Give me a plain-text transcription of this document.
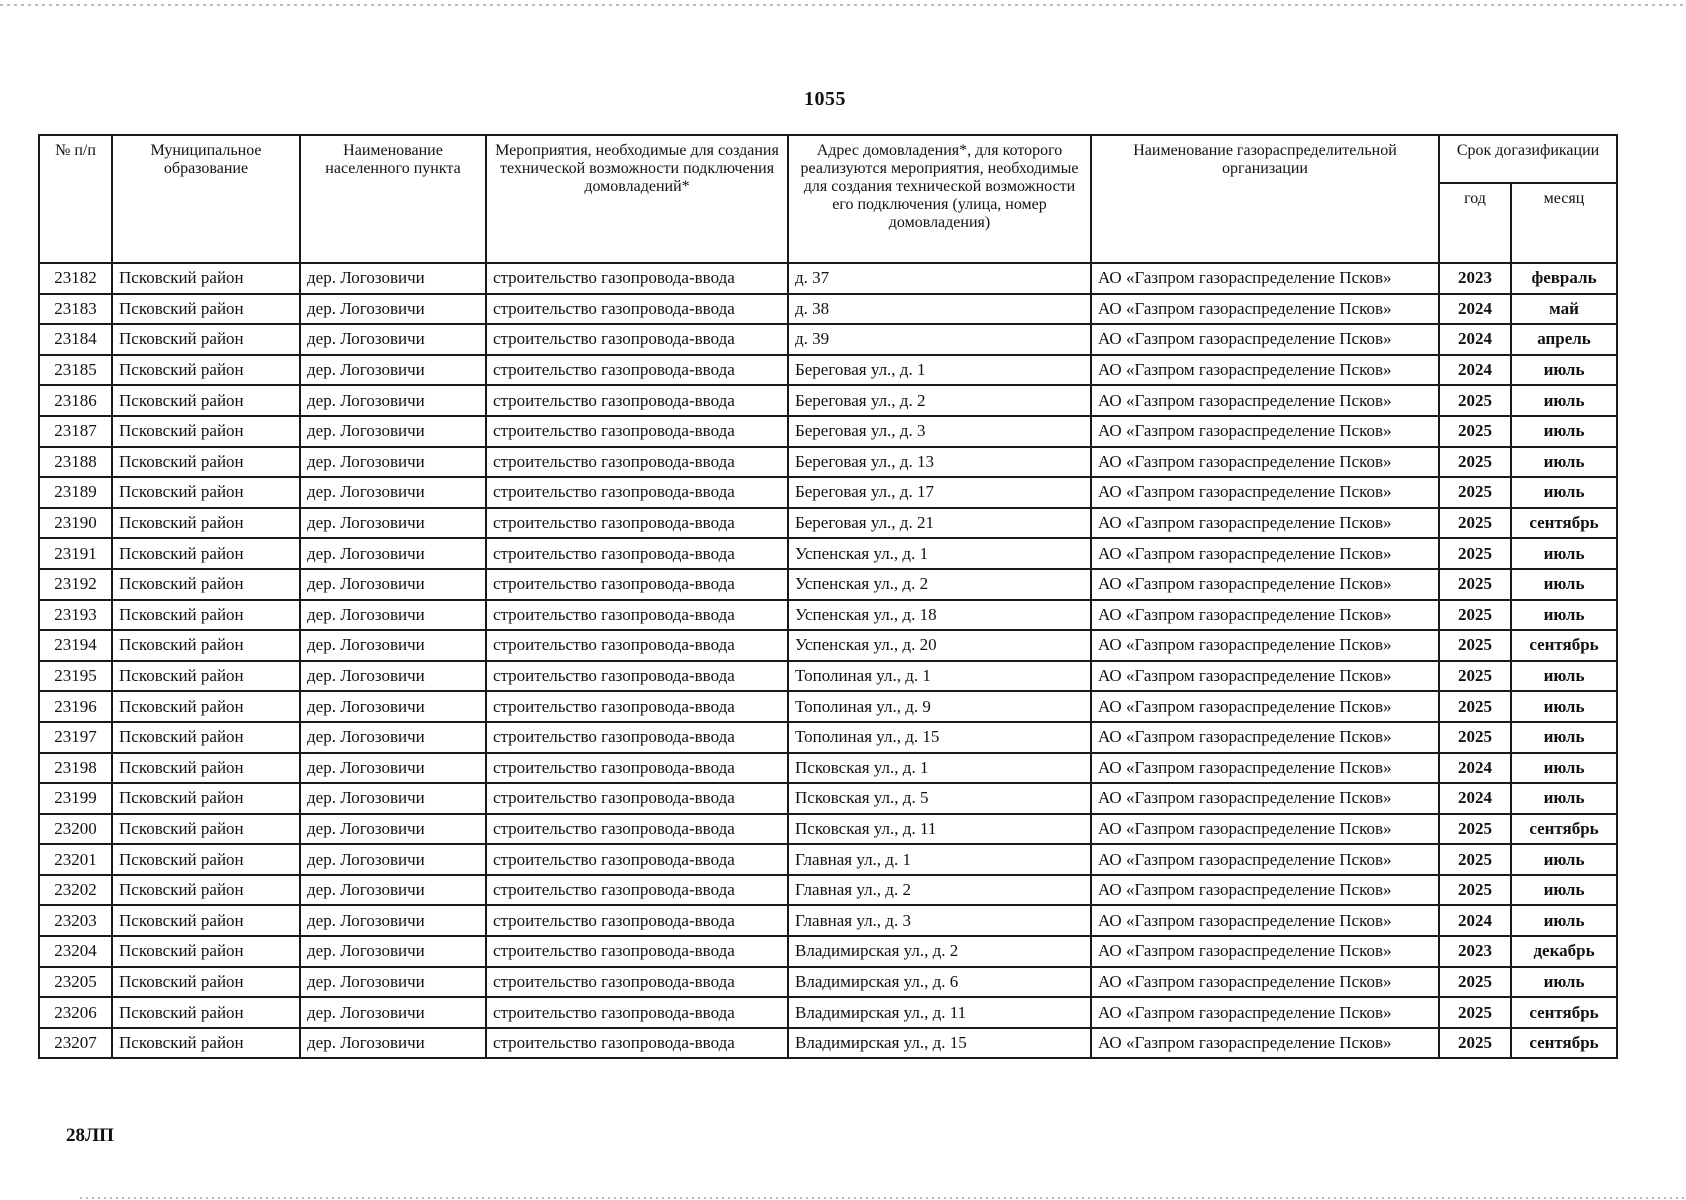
1055
№ п/п	Муниципальное образование	Наименование населенного пункта	Мероприятия, необходимые для создания технической возможности подключения домовладений*	Адрес домовладения*, для которого реализуются мероприятия, необходимые для создания технической возможности его подключения (улица, номер домовладения)	Наименование газораспределительной организации	Срок догазификации	
						год	месяц
23182	Псковский район	дер. Логозовичи	строительство газопровода-ввода	д. 37	АО «Газпром газораспределение Псков»	2023	февраль
23183	Псковский район	дер. Логозовичи	строительство газопровода-ввода	д. 38	АО «Газпром газораспределение Псков»	2024	май
23184	Псковский район	дер. Логозовичи	строительство газопровода-ввода	д. 39	АО «Газпром газораспределение Псков»	2024	апрель
23185	Псковский район	дер. Логозовичи	строительство газопровода-ввода	Береговая ул., д. 1	АО «Газпром газораспределение Псков»	2024	июль
23186	Псковский район	дер. Логозовичи	строительство газопровода-ввода	Береговая ул., д. 2	АО «Газпром газораспределение Псков»	2025	июль
23187	Псковский район	дер. Логозовичи	строительство газопровода-ввода	Береговая ул., д. 3	АО «Газпром газораспределение Псков»	2025	июль
23188	Псковский район	дер. Логозовичи	строительство газопровода-ввода	Береговая ул., д. 13	АО «Газпром газораспределение Псков»	2025	июль
23189	Псковский район	дер. Логозовичи	строительство газопровода-ввода	Береговая ул., д. 17	АО «Газпром газораспределение Псков»	2025	июль
23190	Псковский район	дер. Логозовичи	строительство газопровода-ввода	Береговая ул., д. 21	АО «Газпром газораспределение Псков»	2025	сентябрь
23191	Псковский район	дер. Логозовичи	строительство газопровода-ввода	Успенская ул., д. 1	АО «Газпром газораспределение Псков»	2025	июль
23192	Псковский район	дер. Логозовичи	строительство газопровода-ввода	Успенская ул., д. 2	АО «Газпром газораспределение Псков»	2025	июль
23193	Псковский район	дер. Логозовичи	строительство газопровода-ввода	Успенская ул., д. 18	АО «Газпром газораспределение Псков»	2025	июль
23194	Псковский район	дер. Логозовичи	строительство газопровода-ввода	Успенская ул., д. 20	АО «Газпром газораспределение Псков»	2025	сентябрь
23195	Псковский район	дер. Логозовичи	строительство газопровода-ввода	Тополиная ул., д. 1	АО «Газпром газораспределение Псков»	2025	июль
23196	Псковский район	дер. Логозовичи	строительство газопровода-ввода	Тополиная ул., д. 9	АО «Газпром газораспределение Псков»	2025	июль
23197	Псковский район	дер. Логозовичи	строительство газопровода-ввода	Тополиная ул., д. 15	АО «Газпром газораспределение Псков»	2025	июль
23198	Псковский район	дер. Логозовичи	строительство газопровода-ввода	Псковская ул., д. 1	АО «Газпром газораспределение Псков»	2024	июль
23199	Псковский район	дер. Логозовичи	строительство газопровода-ввода	Псковская ул., д. 5	АО «Газпром газораспределение Псков»	2024	июль
23200	Псковский район	дер. Логозовичи	строительство газопровода-ввода	Псковская ул., д. 11	АО «Газпром газораспределение Псков»	2025	сентябрь
23201	Псковский район	дер. Логозовичи	строительство газопровода-ввода	Главная ул., д. 1	АО «Газпром газораспределение Псков»	2025	июль
23202	Псковский район	дер. Логозовичи	строительство газопровода-ввода	Главная ул., д. 2	АО «Газпром газораспределение Псков»	2025	июль
23203	Псковский район	дер. Логозовичи	строительство газопровода-ввода	Главная ул., д. 3	АО «Газпром газораспределение Псков»	2024	июль
23204	Псковский район	дер. Логозовичи	строительство газопровода-ввода	Владимирская ул., д. 2	АО «Газпром газораспределение Псков»	2023	декабрь
23205	Псковский район	дер. Логозовичи	строительство газопровода-ввода	Владимирская ул., д. 6	АО «Газпром газораспределение Псков»	2025	июль
23206	Псковский район	дер. Логозовичи	строительство газопровода-ввода	Владимирская ул., д. 11	АО «Газпром газораспределение Псков»	2025	сентябрь
23207	Псковский район	дер. Логозовичи	строительство газопровода-ввода	Владимирская ул., д. 15	АО «Газпром газораспределение Псков»	2025	сентябрь
28ЛП
